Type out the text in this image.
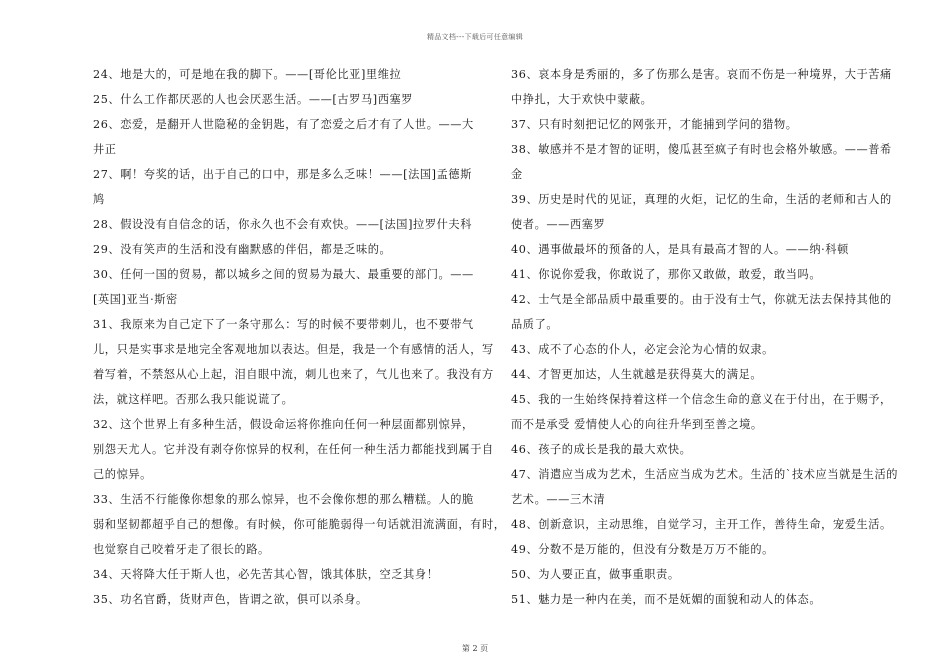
精品文档---下载后可任意编辑
24、地是大的，可是地在我的脚下。——[哥伦比亚]里维拉
25、什么工作都厌恶的人也会厌恶生活。——[古罗马]西塞罗
26、恋爱，是翻开人世隐秘的金钥匙，有了恋爱之后才有了人世。——大
井正
27、啊！夸奖的话，出于自己的口中，那是多么乏味！——[法国]孟德斯
鸠
28、假设没有自信念的话，你永久也不会有欢快。——[法国]拉罗什夫科
29、没有笑声的生活和没有幽默感的伴侣，都是乏味的。
30、任何一国的贸易，都以城乡之间的贸易为最大、最重要的部门。——
[英国]亚当·斯密
31、我原来为自己定下了一条守那么：写的时候不要带刺儿，也不要带气
儿，只是实事求是地完全客观地加以表达。但是，我是一个有感情的活人，写
着写着，不禁怒从心上起，泪自眼中流，刺儿也来了，气儿也来了。我没有方
法，就这样吧。否那么我只能说谎了。
32、这个世界上有多种生活，假设命运将你推向任何一种层面都别惊异，
别怨天尤人。它并没有剥夺你惊异的权利，在任何一种生活力都能找到属于自
己的惊异。
33、生活不行能像你想象的那么惊异，也不会像你想的那么糟糕。人的脆
弱和坚韧都超乎自己的想像。有时候，你可能脆弱得一句话就泪流满面，有时，
也觉察自己咬着牙走了很长的路。
34、天将降大任于斯人也，必先苦其心智，饿其体肤，空乏其身！
35、功名官爵，货财声色，皆谓之欲，俱可以杀身。
36、哀本身是秀丽的，多了伤那么是害。哀而不伤是一种境界，大于苦痛
中挣扎，大于欢快中蒙蔽。
37、只有时刻把记忆的网张开，才能捕到学问的猎物。
38、敏感并不是才智的证明，傻瓜甚至疯子有时也会格外敏感。——普希
金
39、历史是时代的见证，真理的火炬，记忆的生命，生活的老师和古人的
使者。——西塞罗
40、遇事做最坏的预备的人，是具有最高才智的人。——纳·科顿
41、你说你爱我，你敢说了，那你又敢做，敢爱，敢当吗。
42、士气是全部品质中最重要的。由于没有士气，你就无法去保持其他的
品质了。
43、成不了心态的仆人，必定会沦为心情的奴隶。
44、才智更加达，人生就越是获得莫大的满足。
45、我的一生始终保持着这样一个信念生命的意义在于付出，在于赐予，
而不是承受 爱情使人心的向往升华到至善之境。
46、孩子的成长是我的最大欢快。
47、消遣应当成为艺术，生活应当成为艺术。生活的`技术应当就是生活的
艺术。——三木清
48、创新意识，主动思维，自觉学习，主开工作，善待生命，宠爱生活。
49、分数不是万能的，但没有分数是万万不能的。
50、为人要正直，做事重职责。
51、魅力是一种内在美，而不是妩媚的面貌和动人的体态。
第 2 页
